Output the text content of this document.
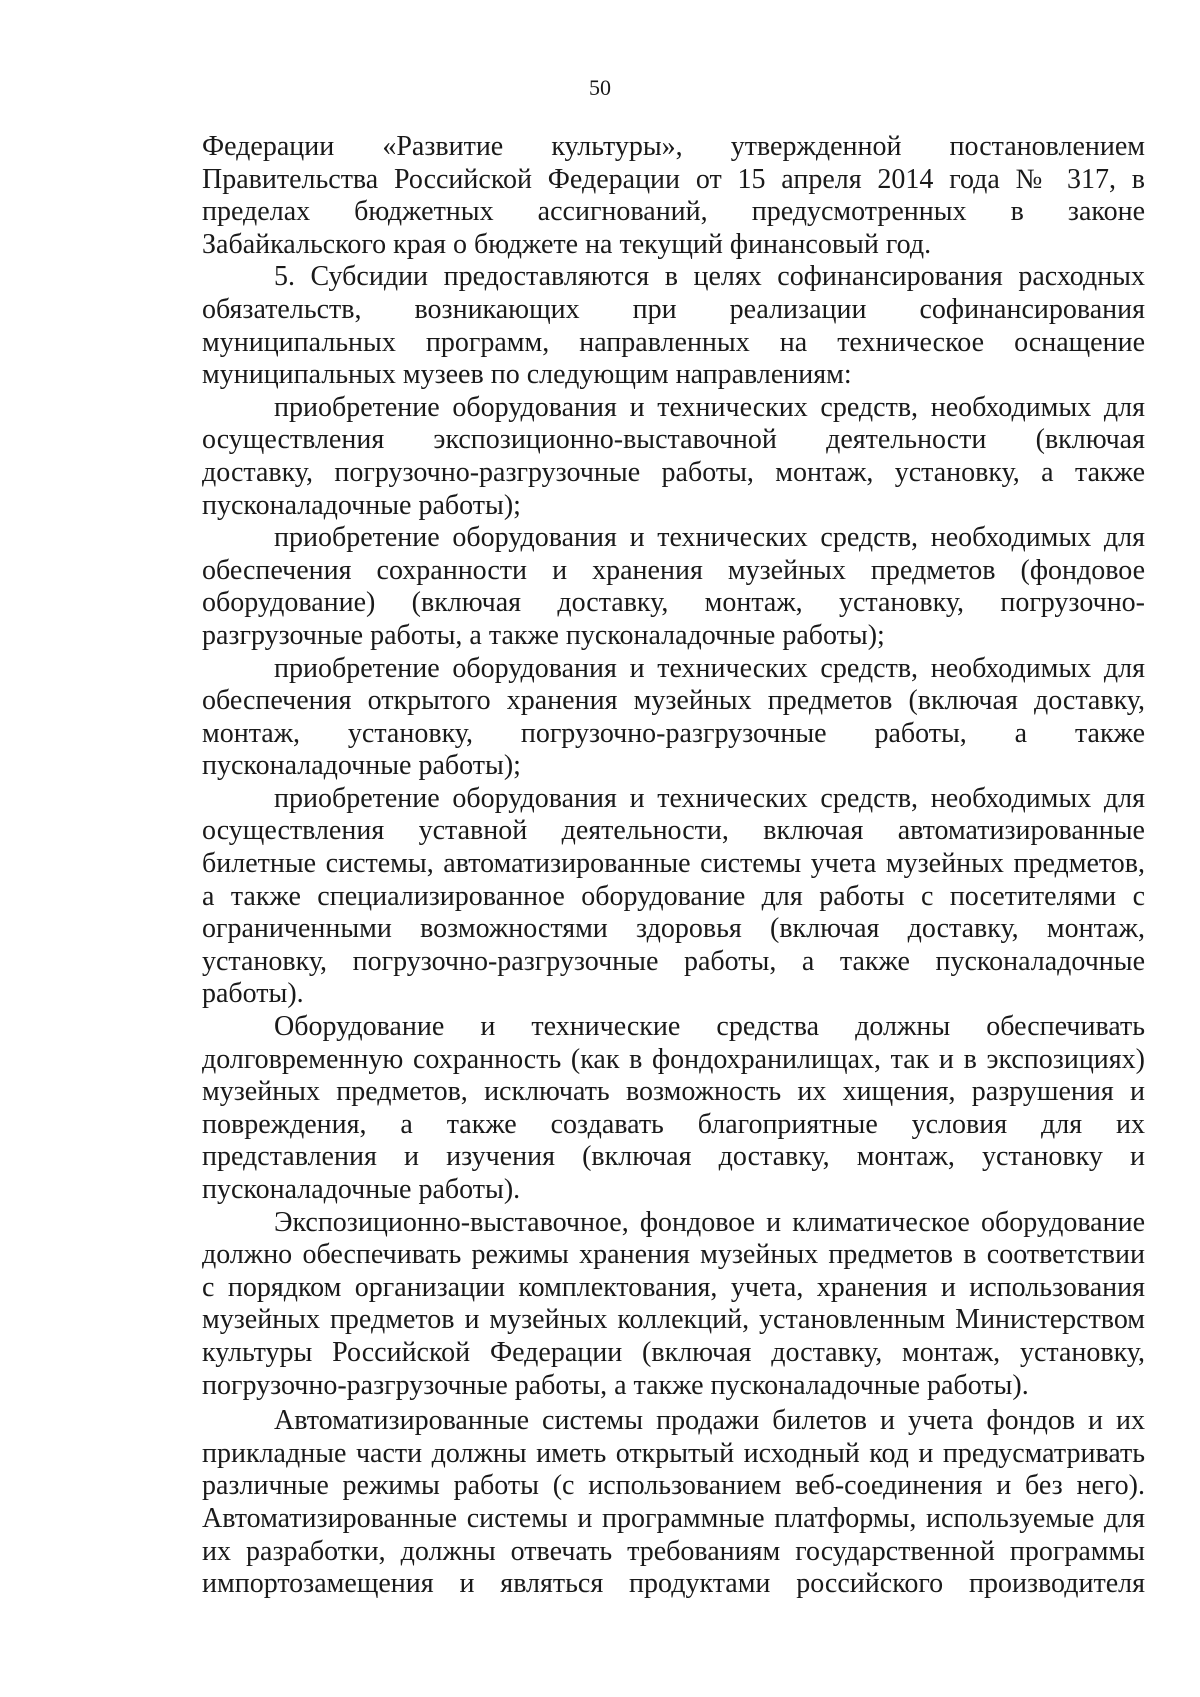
50
Федерации «Развитие культуры», утвержденной постановлением
Правительства Российской Федерации от 15 апреля 2014 года № 317, в
пределах бюджетных ассигнований, предусмотренных в законе
Забайкальского края о бюджете на текущий финансовый год.
5. Субсидии предоставляются в целях софинансирования расходных
обязательств, возникающих при реализации софинансирования
муниципальных программ, направленных на техническое оснащение
муниципальных музеев по следующим направлениям:
приобретение оборудования и технических средств, необходимых для
осуществления экспозиционно-выставочной деятельности (включая
доставку, погрузочно-разгрузочные работы, монтаж, установку, а также
пусконаладочные работы);
приобретение оборудования и технических средств, необходимых для
обеспечения сохранности и хранения музейных предметов (фондовое
оборудование) (включая доставку, монтаж, установку, погрузочно-
разгрузочные работы, а также пусконаладочные работы);
приобретение оборудования и технических средств, необходимых для
обеспечения открытого хранения музейных предметов (включая доставку,
монтаж, установку, погрузочно-разгрузочные работы, а также
пусконаладочные работы);
приобретение оборудования и технических средств, необходимых для
осуществления уставной деятельности, включая автоматизированные
билетные системы, автоматизированные системы учета музейных предметов,
а также специализированное оборудование для работы с посетителями с
ограниченными возможностями здоровья (включая доставку, монтаж,
установку, погрузочно-разгрузочные работы, а также пусконаладочные
работы).
Оборудование и технические средства должны обеспечивать
долговременную сохранность (как в фондохранилищах, так и в экспозициях)
музейных предметов, исключать возможность их хищения, разрушения и
повреждения, а также создавать благоприятные условия для их
представления и изучения (включая доставку, монтаж, установку и
пусконаладочные работы).
Экспозиционно-выставочное, фондовое и климатическое оборудование
должно обеспечивать режимы хранения музейных предметов в соответствии
с порядком организации комплектования, учета, хранения и использования
музейных предметов и музейных коллекций, установленным Министерством
культуры Российской Федерации (включая доставку, монтаж, установку,
погрузочно-разгрузочные работы, а также пусконаладочные работы).
Автоматизированные системы продажи билетов и учета фондов и их
прикладные части должны иметь открытый исходный код и предусматривать
различные режимы работы (с использованием веб-соединения и без него).
Автоматизированные системы и программные платформы, используемые для
их разработки, должны отвечать требованиям государственной программы
импортозамещения и являться продуктами российского производителя
